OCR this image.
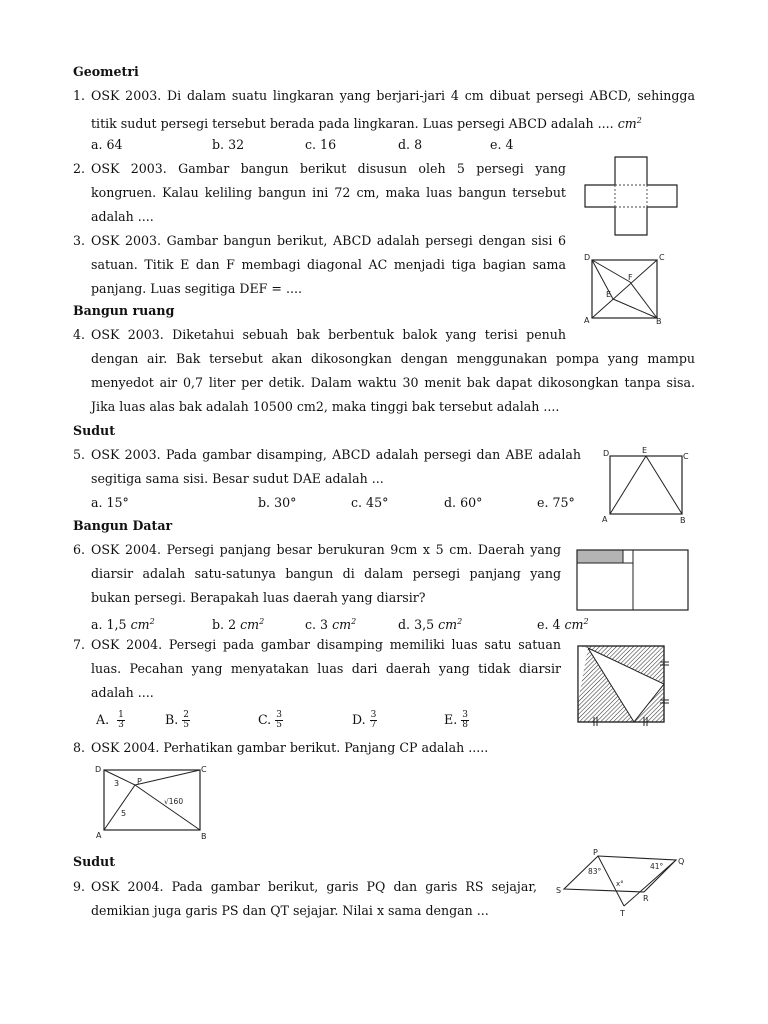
Geometri
1. OSK 2003. Di dalam suatu lingkaran yang berjari-jari 4 cm dibuat persegi ABCD, sehingga
titik sudut persegi tersebut berada pada lingkaran. Luas persegi ABCD adalah .... $cm^2$
a. 64	b. 32	c. 16	d. 8	e. 4
2. OSK 2003. Gambar bangun berikut disusun oleh 5 persegi yang
kongruen. Kalau keliling bangun ini 72 cm, maka luas bangun tersebut
adalah ....
3. OSK 2003. Gambar bangun berikut, ABCD adalah persegi dengan sisi 6
satuan. Titik E dan F membagi diagonal AC menjadi tiga bagian sama
panjang. Luas segitiga DEF = ....
D	C
F
E
A	B
Bangun ruang
4. OSK 2003. Diketahui sebuah bak berbentuk balok yang terisi penuh
dengan air. Bak tersebut akan dikosongkan dengan menggunakan pompa yang mampu
menyedot air 0,7 liter per detik. Dalam waktu 30 menit bak dapat dikosongkan tanpa sisa.
Jika luas alas bak adalah 10500 cm2, maka tinggi bak tersebut adalah ....
Sudut
5. OSK 2003. Pada gambar disamping, ABCD adalah persegi dan ABE adalah
segitiga sama sisi. Besar sudut DAE adalah ...
a. 15°	b. 30°	c. 45°	d. 60°	e. 75°
D	E
C
A	B
Bangun Datar
6. OSK 2004. Persegi panjang besar berukuran 9cm x 5 cm. Daerah yang
diarsir adalah satu-satunya bangun di dalam persegi panjang yang
bukan persegi. Berapakah luas daerah yang diarsir?
a. 1,5 $cm^2$	b. 2 $cm^2$	c. 3 $cm^2$	d. 3,5 $cm^2$	e. 4 $cm^2$
7. OSK 2004. Persegi pada gambar disamping memiliki luas satu satuan
luas. Pecahan yang menyatakan luas dari daerah yang tidak diarsir
adalah ....
A. $\frac{1}{3}$	B. $\frac{2}{5}$	C. $\frac{3}{5}$	D. $\frac{3}{7}$	E. $\frac{3}{8}$
8. OSK 2004. Perhatikan gambar berikut. Panjang CP adalah .....
D	C
P
3
5
√160
A	B
Sudut
9. OSK 2004. Pada gambar berikut, garis PQ dan garis RS sejajar,
demikian juga garis PS dan QT sejajar. Nilai x sama dengan ...
P
Q
S
R
T
83°
41°
x°
